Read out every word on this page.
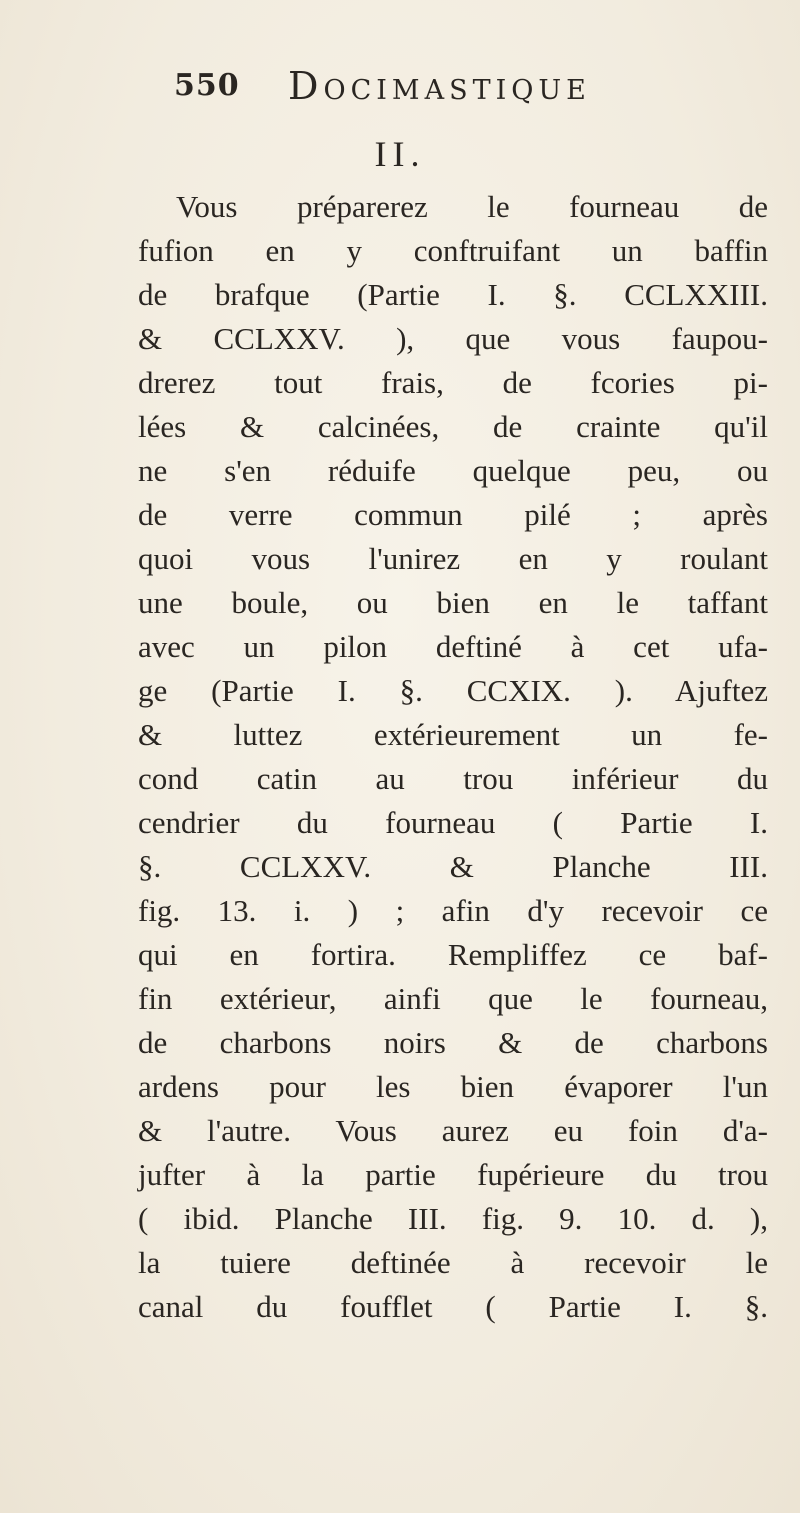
550 Docimastique
II.
Vous préparerez le fourneau de
fufion en y conftruifant un baffin
de brafque (Partie I. §. CCLXXIII.
& CCLXXV. ), que vous faupou-
drerez tout frais, de fcories pi-
lées & calcinées, de crainte qu'il
ne s'en réduife quelque peu, ou
de verre commun pilé ; après
quoi vous l'unirez en y roulant
une boule, ou bien en le taffant
avec un pilon deftiné à cet ufa-
ge (Partie I. §. CCXIX. ). Ajuftez
& luttez extérieurement un fe-
cond catin au trou inférieur du
cendrier du fourneau ( Partie I.
§. CCLXXV. & Planche III.
fig. 13. i. ) ; afin d'y recevoir ce
qui en fortira. Rempliffez ce baf-
fin extérieur, ainfi que le fourneau,
de charbons noirs & de charbons
ardens pour les bien évaporer l'un
& l'autre. Vous aurez eu foin d'a-
jufter à la partie fupérieure du trou
( ibid. Planche III. fig. 9. 10. d. ),
la tuiere deftinée à recevoir le
canal du foufflet ( Partie I. §.
